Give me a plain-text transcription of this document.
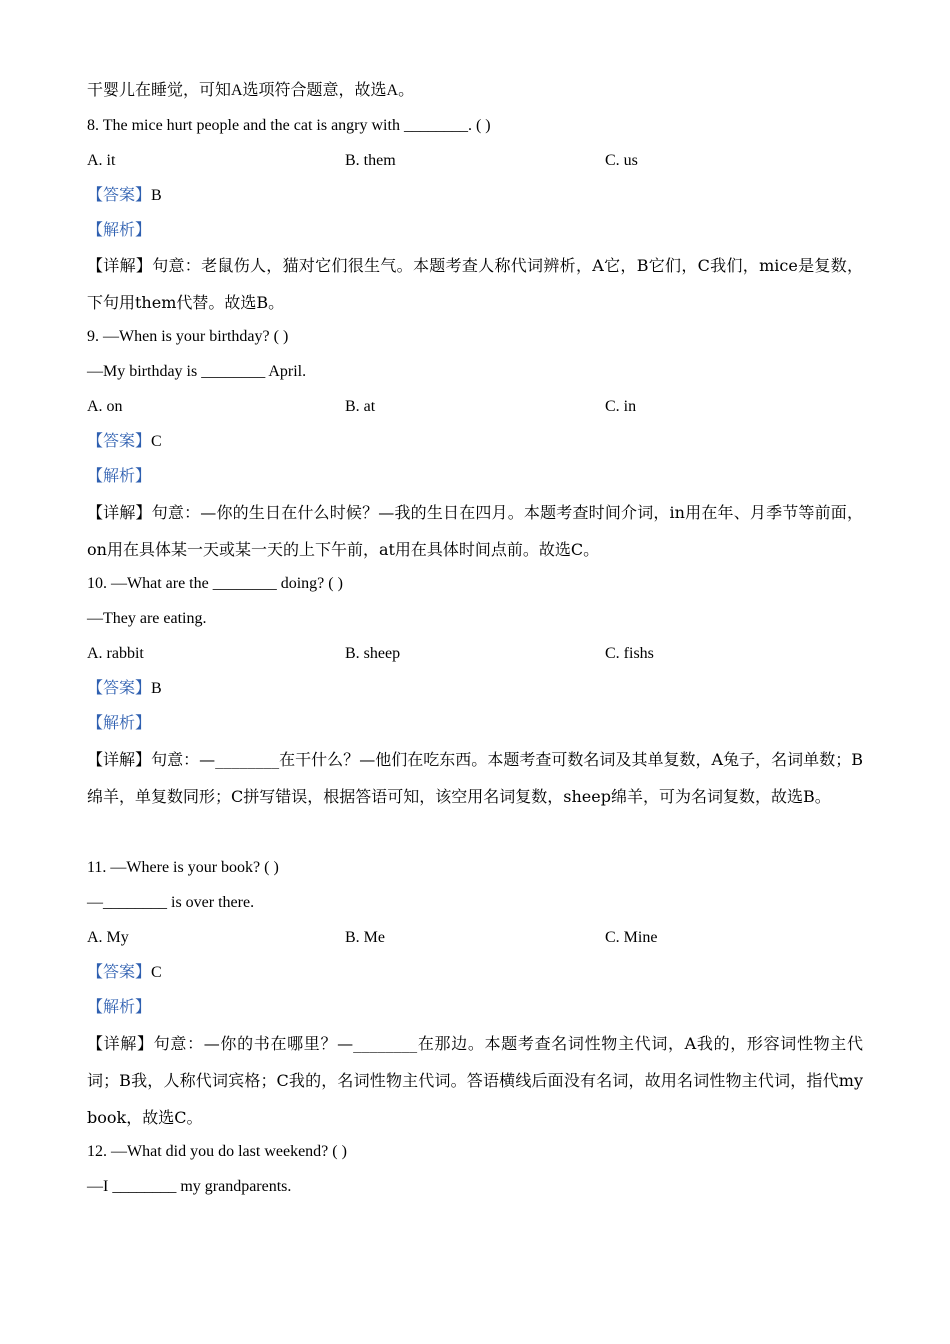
干婴儿在睡觉，可知A选项符合题意，故选A。
8. The mice hurt people and the cat is angry with ________. ( )
A. it	B. them	C. us
【答案】B
【解析】
【详解】句意：老鼠伤人，猫对它们很生气。本题考查人称代词辨析，A它，B它们，C我们，mice是复数，下句用them代替。故选B。
9. —When is your birthday? ( )
—My birthday is ________ April.
A. on	B. at	C. in
【答案】C
【解析】
【详解】句意：—你的生日在什么时候？—我的生日在四月。本题考查时间介词，in用在年、月季节等前面，on用在具体某一天或某一天的上下午前，at用在具体时间点前。故选C。
10. —What are the ________ doing? ( )
—They are eating.
A. rabbit	B. sheep	C. fishs
【答案】B
【解析】
【详解】句意：—________在干什么？—他们在吃东西。本题考查可数名词及其单复数，A兔子，名词单数；B绵羊，单复数同形；C拼写错误，根据答语可知，该空用名词复数，sheep绵羊，可为名词复数，故选B。
11. —Where is your book? ( )
—________ is over there.
A. My	B. Me	C. Mine
【答案】C
【解析】
【详解】句意：—你的书在哪里？—________在那边。本题考查名词性物主代词，A我的，形容词性物主代词；B我，人称代词宾格；C我的，名词性物主代词。答语横线后面没有名词，故用名词性物主代词，指代my book，故选C。
12. —What did you do last weekend? ( )
—I ________ my grandparents.
